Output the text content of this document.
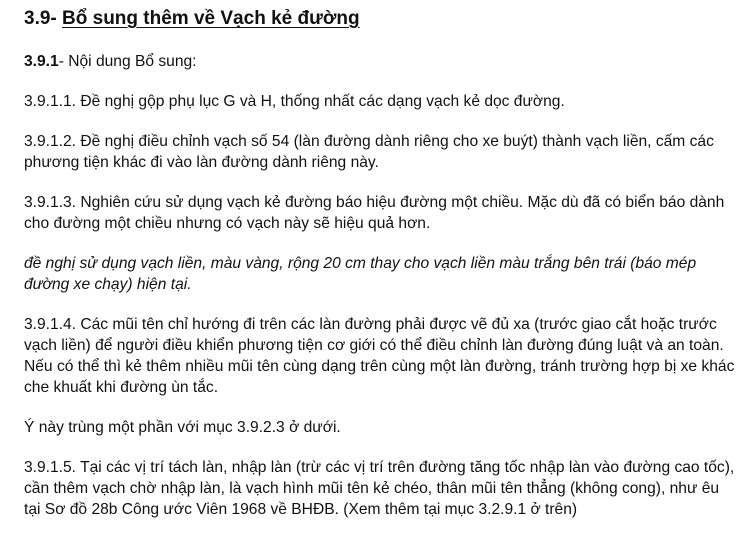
3.9- Bổ sung thêm về Vạch kẻ đường

3.9.1- Nội dung Bổ sung:

3.9.1.1. Đề nghị gộp phụ lục G và H, thống nhất các dạng vạch kẻ dọc đường.

3.9.1.2. Đề nghị điều chỉnh vạch số 54 (làn đường dành riêng cho xe buýt) thành vạch liền, cấm các phương tiện khác đi vào làn đường dành riêng này.

3.9.1.3. Nghiên cứu sử dụng vạch kẻ đường báo hiệu đường một chiều. Mặc dù đã có biển báo dành cho đường một chiều nhưng có vạch này sẽ hiệu quả hơn.

đề nghị sử dụng vạch liền, màu vàng, rộng 20 cm thay cho vạch liền màu trắng bên trái (báo mép đường xe chạy) hiện tại.

3.9.1.4. Các mũi tên chỉ hướng đi trên các làn đường phải được vẽ đủ xa (trước giao cắt hoặc trước vạch liền) để người điều khiển phương tiện cơ giới có thể điều chỉnh làn đường đúng luật và an toàn. Nếu có thể thì kẻ thêm nhiều mũi tên cùng dạng trên cùng một làn đường, tránh trường hợp bị xe khác che khuất khi đường ùn tắc.

Ý này trùng một phần với mục 3.9.2.3 ở dưới.

3.9.1.5. Tại các vị trí tách làn, nhập làn (trừ các vị trí trên đường tăng tốc nhập làn vào đường cao tốc), cần thêm vạch chờ nhập làn, là vạch hình mũi tên kẻ chéo, thân mũi tên thẳng (không cong), như êu tại Sơ đồ 28b Công ước Viên 1968 về BHĐB. (Xem thêm tại mục 3.2.9.1 ở trên)
